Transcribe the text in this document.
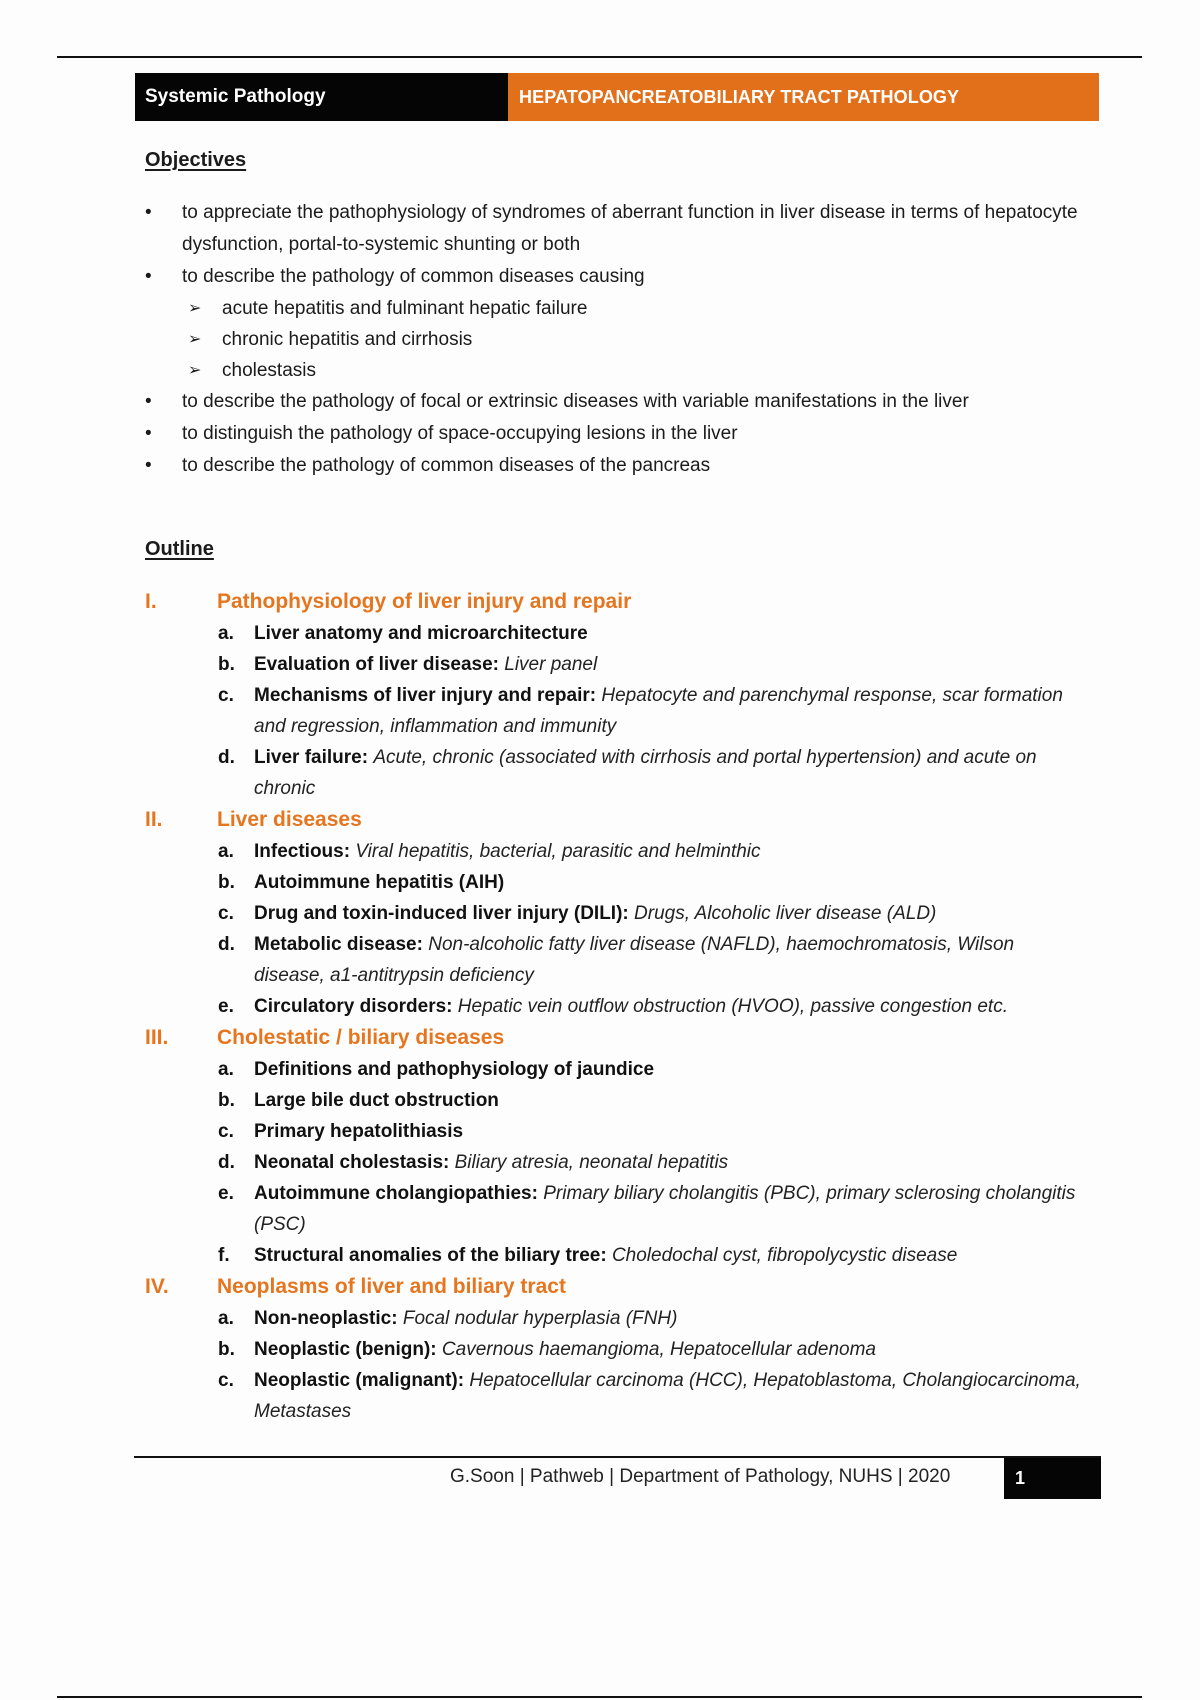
Systemic Pathology	HEPATOPANCREATOBILIARY TRACT PATHOLOGY
Objectives
• to appreciate the pathophysiology of syndromes of aberrant function in liver disease in terms of hepatocyte dysfunction, portal-to-systemic shunting or both
• to describe the pathology of common diseases causing
➢ acute hepatitis and fulminant hepatic failure
➢ chronic hepatitis and cirrhosis
➢ cholestasis
• to describe the pathology of focal or extrinsic diseases with variable manifestations in the liver
• to distinguish the pathology of space-occupying lesions in the liver
• to describe the pathology of common diseases of the pancreas
Outline
I.	Pathophysiology of liver injury and repair
a. Liver anatomy and microarchitecture
b. Evaluation of liver disease: Liver panel
c. Mechanisms of liver injury and repair: Hepatocyte and parenchymal response, scar formation and regression, inflammation and immunity
d. Liver failure: Acute, chronic (associated with cirrhosis and portal hypertension) and acute on chronic
II.	Liver diseases
a. Infectious: Viral hepatitis, bacterial, parasitic and helminthic
b. Autoimmune hepatitis (AIH)
c. Drug and toxin-induced liver injury (DILI): Drugs, Alcoholic liver disease (ALD)
d. Metabolic disease: Non-alcoholic fatty liver disease (NAFLD), haemochromatosis, Wilson disease, a1-antitrypsin deficiency
e. Circulatory disorders: Hepatic vein outflow obstruction (HVOO), passive congestion etc.
III. Cholestatic / biliary diseases
a. Definitions and pathophysiology of jaundice
b. Large bile duct obstruction
c. Primary hepatolithiasis
d. Neonatal cholestasis: Biliary atresia, neonatal hepatitis
e. Autoimmune cholangiopathies: Primary biliary cholangitis (PBC), primary sclerosing cholangitis (PSC)
f. Structural anomalies of the biliary tree: Choledochal cyst, fibropolycystic disease
IV. Neoplasms of liver and biliary tract
a. Non-neoplastic: Focal nodular hyperplasia (FNH)
b. Neoplastic (benign): Cavernous haemangioma, Hepatocellular adenoma
c. Neoplastic (malignant): Hepatocellular carcinoma (HCC), Hepatoblastoma, Cholangiocarcinoma, Metastases
G.Soon | Pathweb | Department of Pathology, NUHS | 2020	1
